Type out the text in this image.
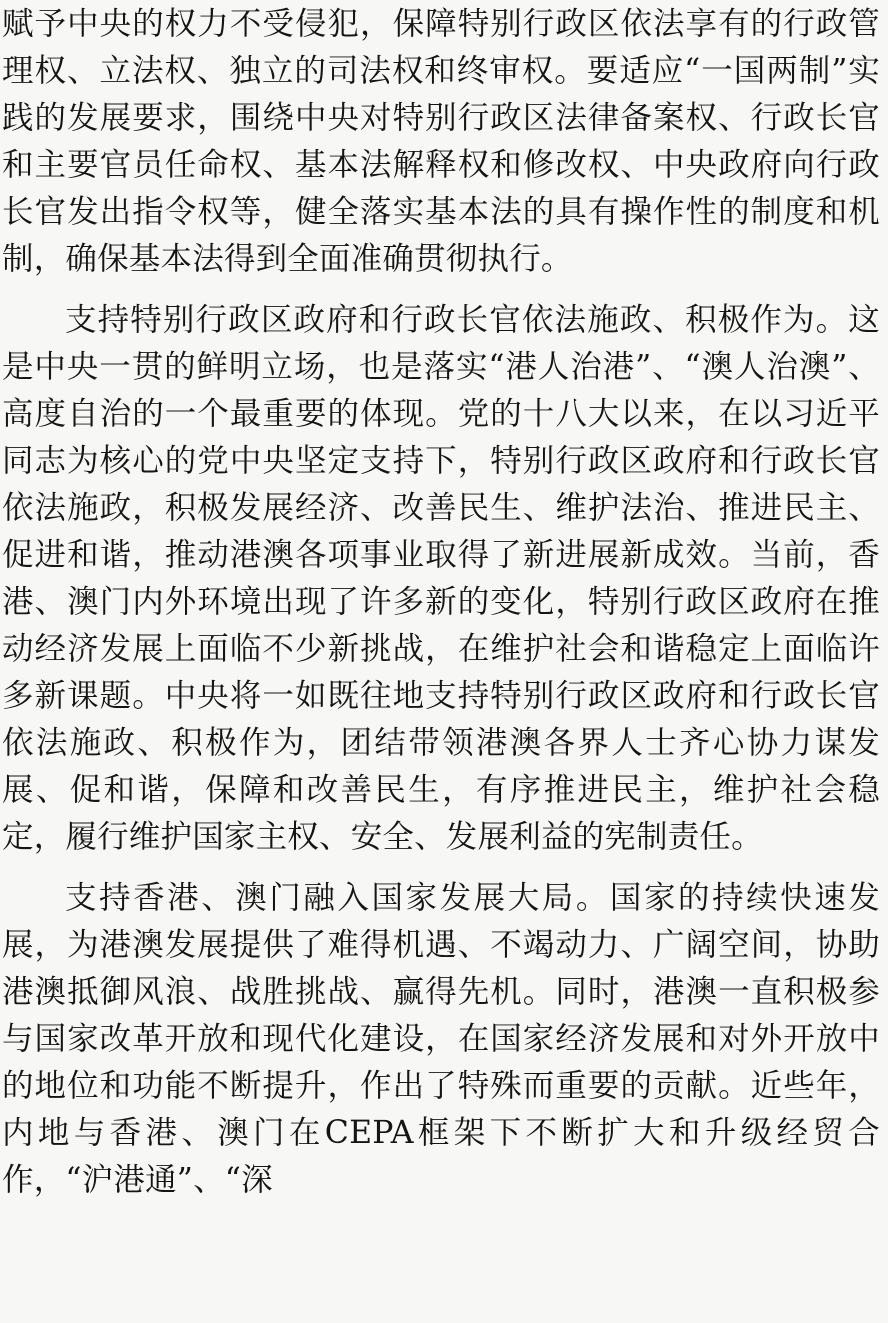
赋予中央的权力不受侵犯，保障特别行政区依法享有的行政管理权、立法权、独立的司法权和终审权。要适应“一国两制”实践的发展要求，围绕中央对特别行政区法律备案权、行政长官和主要官员任命权、基本法解释权和修改权、中央政府向行政长官发出指令权等，健全落实基本法的具有操作性的制度和机制，确保基本法得到全面准确贯彻执行。

支持特别行政区政府和行政长官依法施政、积极作为。这是中央一贯的鲜明立场，也是落实“港人治港”、“澳人治澳”、高度自治的一个最重要的体现。党的十八大以来，在以习近平同志为核心的党中央坚定支持下，特别行政区政府和行政长官依法施政，积极发展经济、改善民生、维护法治、推进民主、促进和谐，推动港澳各项事业取得了新进展新成效。当前，香港、澳门内外环境出现了许多新的变化，特别行政区政府在推动经济发展上面临不少新挑战，在维护社会和谐稳定上面临许多新课题。中央将一如既往地支持特别行政区政府和行政长官依法施政、积极作为，团结带领港澳各界人士齐心协力谋发展、促和谐，保障和改善民生，有序推进民主，维护社会稳定，履行维护国家主权、安全、发展利益的宪制责任。

支持香港、澳门融入国家发展大局。国家的持续快速发展，为港澳发展提供了难得机遇、不竭动力、广阔空间，协助港澳抵御风浪、战胜挑战、赢得先机。同时，港澳一直积极参与国家改革开放和现代化建设，在国家经济发展和对外开放中的地位和功能不断提升，作出了特殊而重要的贡献。近些年，内地与香港、澳门在CEPA框架下不断扩大和升级经贸合作，“沪港通”、“深
